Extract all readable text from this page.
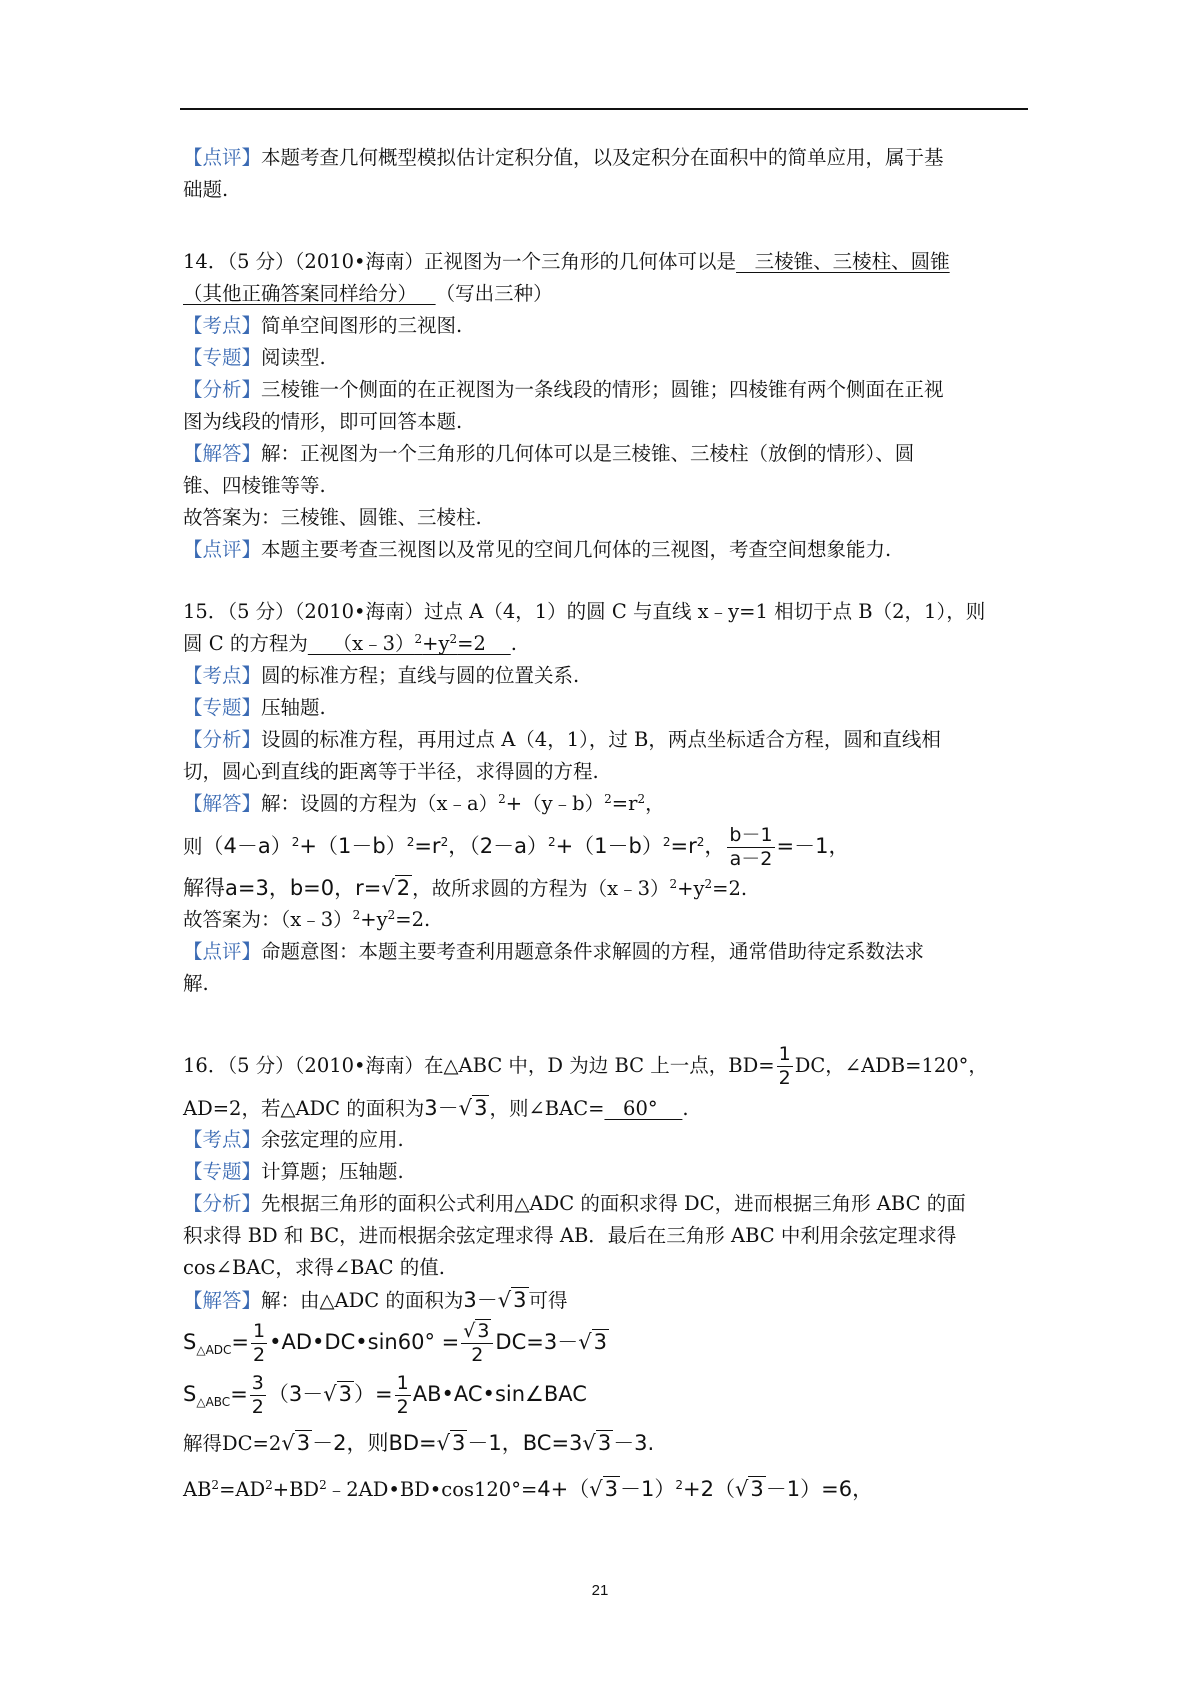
【点评】本题考查几何概型模拟估计定积分值，以及定积分在面积中的简单应用，属于基
础题.
14．（5 分）（2010•海南）正视图为一个三角形的几何体可以是   三棱锥、三棱柱、圆锥
（其他正确答案同样给分）   （写出三种）
【考点】简单空间图形的三视图.
【专题】阅读型.
【分析】三棱锥一个侧面的在正视图为一条线段的情形；圆锥；四棱锥有两个侧面在正视
图为线段的情形，即可回答本题.
【解答】解：正视图为一个三角形的几何体可以是三棱锥、三棱柱（放倒的情形）、圆
锥、四棱锥等等.
故答案为：三棱锥、圆锥、三棱柱.
【点评】本题主要考查三视图以及常见的空间几何体的三视图，考查空间想象能力.
15．（5 分）（2010•海南）过点 A（4，1）的圆 C 与直线 x﹣y=1 相切于点 B（2，1），则
圆 C 的方程为    $(x﹣3)^2+y^2=2$    .
【考点】圆的标准方程；直线与圆的位置关系.
【专题】压轴题.
【分析】设圆的标准方程，再用过点 A（4，1），过 B，两点坐标适合方程，圆和直线相
切，圆心到直线的距离等于半径，求得圆的方程.
【解答】解：设圆的方程为$(x﹣a)^2+(y﹣b)^2=r^2$，
则$(4-a)^2+(1-b)^2=r^2$，$(2-a)^2+(1-b)^2=r^2$， $\frac{b-1}{a-2} =-1$，
解得a=3，b=0，r=√2 ，故所求圆的方程为$(x﹣3)^2+y^2=2$.
故答案为：$(x﹣3)^2+y^2=2$.
【点评】命题意图：本题主要考查利用题意条件求解圆的方程，通常借助待定系数法求
解.
16．（5 分）（2010•海南）在△ABC 中，D 为边 BC 上一点，$BD= \frac{1}{2}$ DC，∠ADB=120°，
AD=2，若△ADC 的面积为3－√3 ，则∠BAC=   60°    .
【考点】余弦定理的应用.
【专题】计算题；压轴题.
【分析】先根据三角形的面积公式利用△ADC 的面积求得 DC，进而根据三角形 ABC 的面
积求得 BD 和 BC，进而根据余弦定理求得 AB．最后在三角形 ABC 中利用余弦定理求得
cos∠BAC，求得∠BAC 的值.
【解答】解：由△ADC 的面积为3－√3 可得
$S_{\triangle ADC}= \frac{1}{2}$ •AD•DC•sin60° = $\frac{√ 3}{2} DC=3-√3$
$S_{\triangle ABC}= \frac{3}{2} (3-√3)= \frac{1}{2}$ AB•AC•sin∠BAC
解得DC=2√3－2，则BD=√3－1，BC=3√3－3.
$AB^2=AD^2+BD^2﹣2AD•BD•\cos 120^\circ=4+(√3-1)^2+2(√3-1)=6$，
21
